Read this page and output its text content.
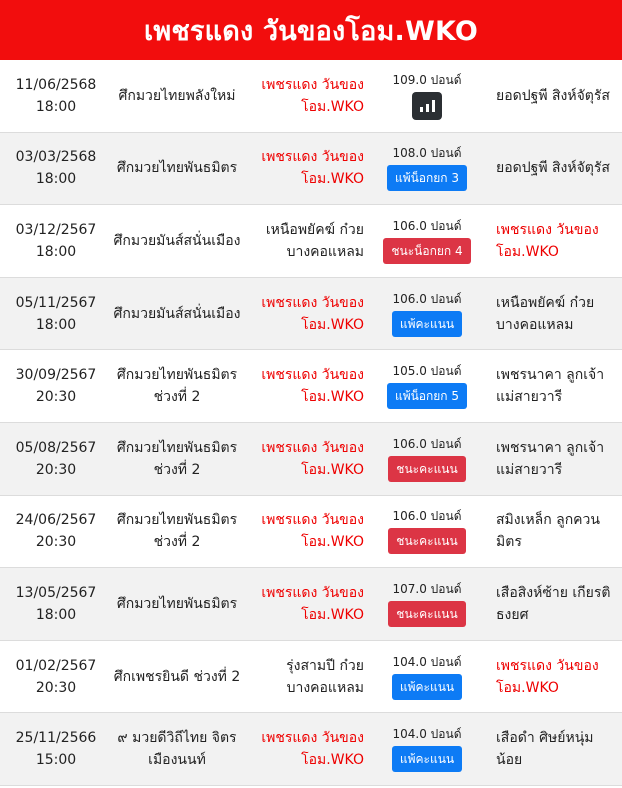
เพชรแดง วันของโอม.WKO
11/06/2568
18:00
ศึกมวยไทยพลังใหม่
เพชรแดง วันของโอม.WKO
109.0 ปอนด์
ยอดปฐพี สิงห์จัตุรัส
03/03/2568
18:00
ศึกมวยไทยพันธมิตร
เพชรแดง วันของโอม.WKO
108.0 ปอนด์
แพ้น็อกยก 3
ยอดปฐพี สิงห์จัตุรัส
03/12/2567
18:00
ศึกมวยมันส์สนั่นเมือง
เหนือพยัคฆ์ ก๋วยบางคอแหลม
106.0 ปอนด์
ชนะน็อกยก 4
เพชรแดง วันของโอม.WKO
05/11/2567
18:00
ศึกมวยมันส์สนั่นเมือง
เพชรแดง วันของโอม.WKO
106.0 ปอนด์
แพ้คะแนน
เหนือพยัคฆ์ ก๋วยบางคอแหลม
30/09/2567
20:30
ศึกมวยไทยพันธมิตร ช่วงที่ 2
เพชรแดง วันของโอม.WKO
105.0 ปอนด์
แพ้น็อกยก 5
เพชรนาคา ลูกเจ้าแม่สายวารี
05/08/2567
20:30
ศึกมวยไทยพันธมิตร ช่วงที่ 2
เพชรแดง วันของโอม.WKO
106.0 ปอนด์
ชนะคะแนน
เพชรนาคา ลูกเจ้าแม่สายวารี
24/06/2567
20:30
ศึกมวยไทยพันธมิตร ช่วงที่ 2
เพชรแดง วันของโอม.WKO
106.0 ปอนด์
ชนะคะแนน
สมิงเหล็ก ลูกควนมิตร
13/05/2567
18:00
ศึกมวยไทยพันธมิตร
เพชรแดง วันของโอม.WKO
107.0 ปอนด์
ชนะคะแนน
เสือสิงห์ซ้าย เกียรติธงยศ
01/02/2567
20:30
ศึกเพชรยินดี ช่วงที่ 2
รุ่งสามปี ก๋วยบางคอแหลม
104.0 ปอนด์
แพ้คะแนน
เพชรแดง วันของโอม.WKO
25/11/2566
15:00
๙ มวยดีวิถีไทย จิตรเมืองนนท์
เพชรแดง วันของโอม.WKO
104.0 ปอนด์
แพ้คะแนน
เสือดำ ศิษย์หนุ่มน้อย
